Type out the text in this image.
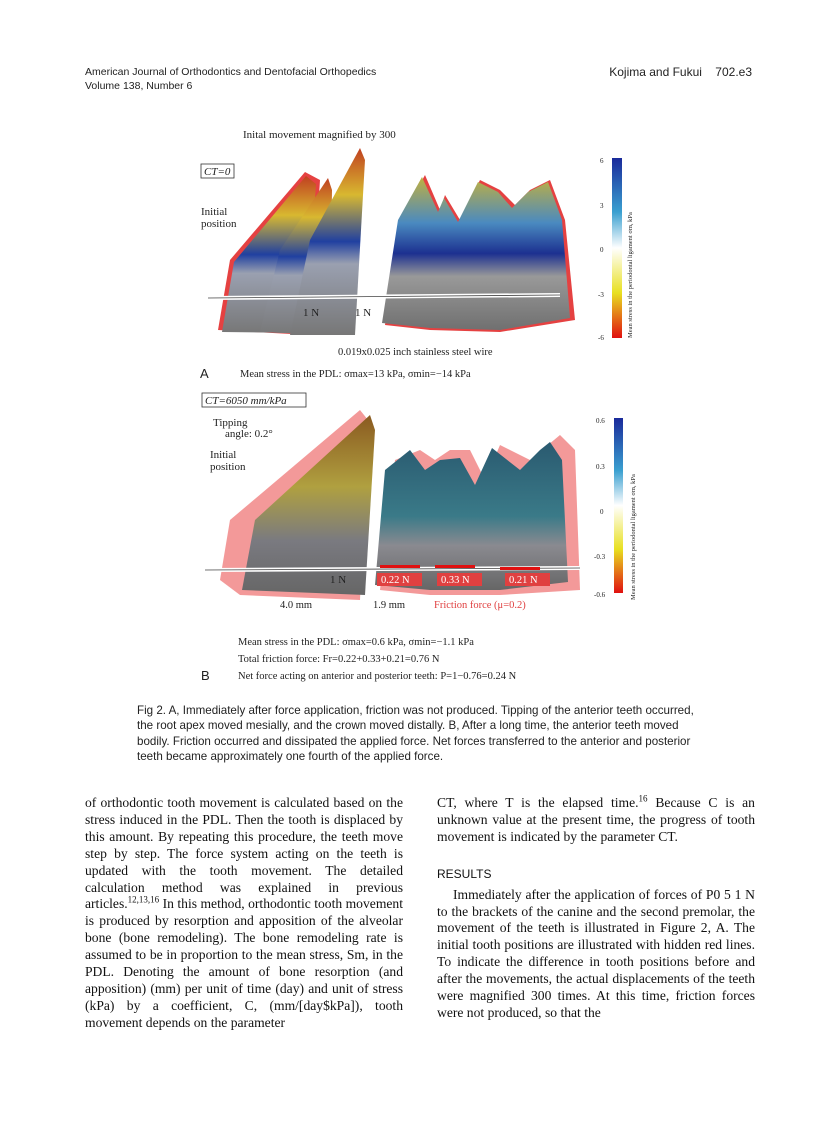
American Journal of Orthodontics and Dentofacial Orthopedics
Volume 138, Number 6
Kojima and Fukui 702.e3
Inital movement magnified by 300
CT=0
Initial
position
1 N	1 N
0.019x0.025 inch stainless steel wire
A	Mean stress in the PDL: σmax=13 kPa, σmin=−14 kPa
6
3
0
-3
-6	Mean stress in the periodontal ligament σm, kPa
CT=6050 mm/kPa
Tipping
angle: 0.2°
Initial
position
1 N	0.22 N	0.33 N	0.21 N
4.0 mm	1.9 mm	Friction force (μ=0.2)
0.6
0.3
0
-0.3
-0.6	Mean stress in the periodontal ligament σm, kPa
Mean stress in the PDL: σmax=0.6 kPa, σmin=−1.1 kPa
Total friction force: Fr=0.22+0.33+0.21=0.76 N
B	Net force acting on anterior and posterior teeth: P=1−0.76=0.24 N
Fig 2. A, Immediately after force application, friction was not produced. Tipping of the anterior teeth occurred, the root apex moved mesially, and the crown moved distally. B, After a long time, the anterior teeth moved bodily. Friction occurred and dissipated the applied force. Net forces transferred to the anterior and posterior teeth became approximately one fourth of the applied force.

of orthodontic tooth movement is calculated based on the stress induced in the PDL. Then the tooth is displaced by this amount. By repeating this procedure, the teeth move step by step. The force system acting on the teeth is updated with the tooth movement. The detailed calculation method was explained in previous articles.$^{12,13,16}$ In this method, orthodontic tooth movement is produced by resorption and apposition of the alveolar bone (bone remodeling). The bone remodeling rate is assumed to be in proportion to the mean stress, Sm, in the PDL. Denoting the amount of bone resorption (and apposition) (mm) per unit of time (day) and unit of stress (kPa) by a coefficient, C, (mm/[day$kPa]), tooth movement depends on the parameter

CT, where T is the elapsed time.$^{16}$ Because C is an unknown value at the present time, the progress of tooth movement is indicated by the parameter CT.

RESULTS

Immediately after the application of forces of P0 5 1 N to the brackets of the canine and the second premolar, the movement of the teeth is illustrated in Figure 2, A. The initial tooth positions are illustrated with hidden red lines. To indicate the difference in tooth positions before and after the movements, the actual displacements of the teeth were magnified 300 times. At this time, friction forces were not produced, so that the
